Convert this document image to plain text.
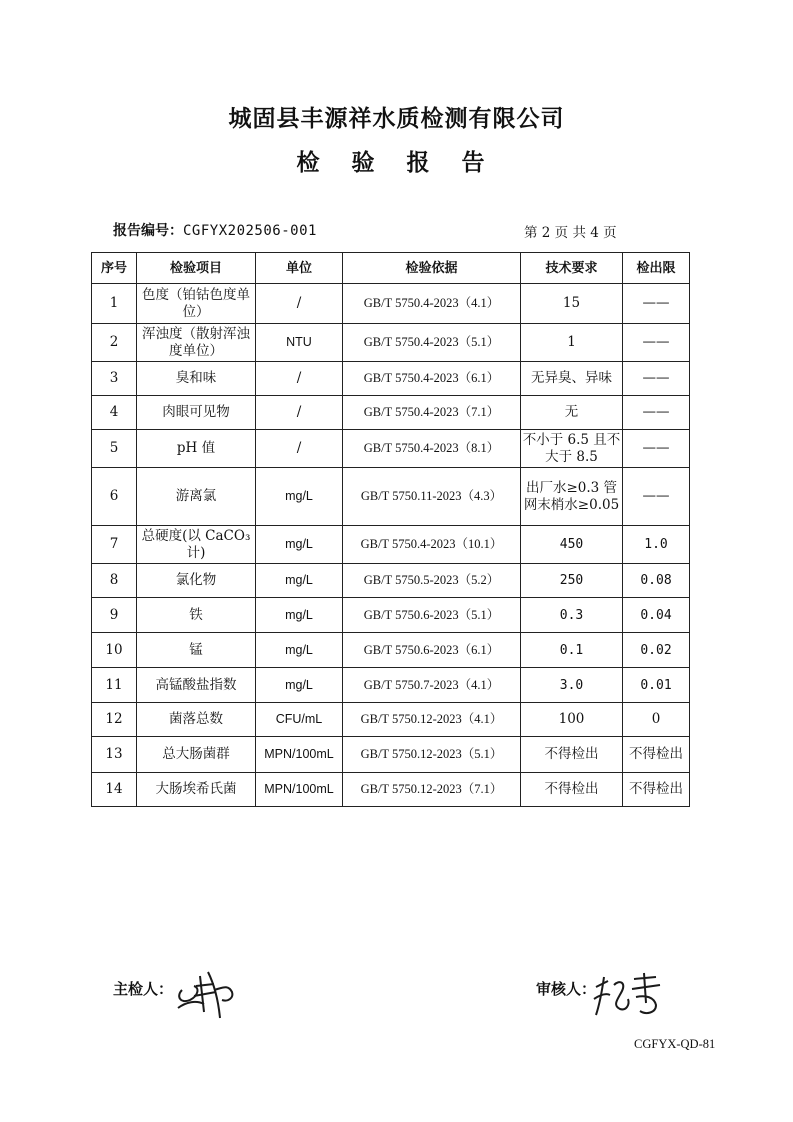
城固县丰源祥水质检测有限公司
检 验 报 告
报告编号：CGFYX202506-001	第 2 页 共 4 页
序号	检验项目	单位	检验依据	技术要求	检出限
1	色度（铂钴色度单位）	/	GB/T 5750.4-2023（4.1）	15	——
2	浑浊度（散射浑浊度单位）	NTU	GB/T 5750.4-2023（5.1）	1	——
3	臭和味	/	GB/T 5750.4-2023（6.1）	无异臭、异味	——
4	肉眼可见物	/	GB/T 5750.4-2023（7.1）	无	——
5	pH 值	/	GB/T 5750.4-2023（8.1）	不小于 6.5 且不大于 8.5	——
6	游离氯	mg/L	GB/T 5750.11-2023（4.3）	出厂水≥0.3 管网末梢水≥0.05	——
7	总硬度(以 CaCO₃计)	mg/L	GB/T 5750.4-2023（10.1）	450	1.0
8	氯化物	mg/L	GB/T 5750.5-2023（5.2）	250	0.08
9	铁	mg/L	GB/T 5750.6-2023（5.1）	0.3	0.04
10	锰	mg/L	GB/T 5750.6-2023（6.1）	0.1	0.02
11	高锰酸盐指数	mg/L	GB/T 5750.7-2023（4.1）	3.0	0.01
12	菌落总数	CFU/mL	GB/T 5750.12-2023（4.1）	100	0
13	总大肠菌群	MPN/100mL	GB/T 5750.12-2023（5.1）	不得检出	不得检出
14	大肠埃希氏菌	MPN/100mL	GB/T 5750.12-2023（7.1）	不得检出	不得检出
主检人：	审核人：
CGFYX-QD-81
